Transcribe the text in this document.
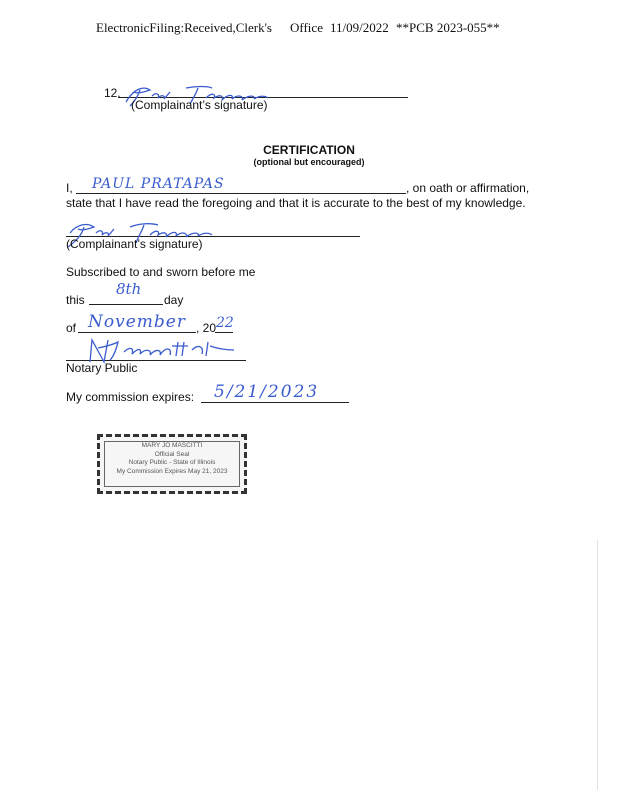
ElectronicFiling:Received,Clerk's Office 11/09/2022 **PCB 2023-055**
12.
(Complainant’s signature)
CERTIFICATION
(optional but encouraged)
I, PAUL PRATAPAS	, on oath or affirmation,
state that I have read the foregoing and that it is accurate to the best of my knowledge.
(Complainant’s signature)
Subscribed to and sworn before me
this
8th
day
of November , 20 22
Notary Public
My commission expires: 5/21/2023
MARY JO MASCITTI
Official Seal
Notary Public - State of Illinois
My Commission Expires May 21, 2023
